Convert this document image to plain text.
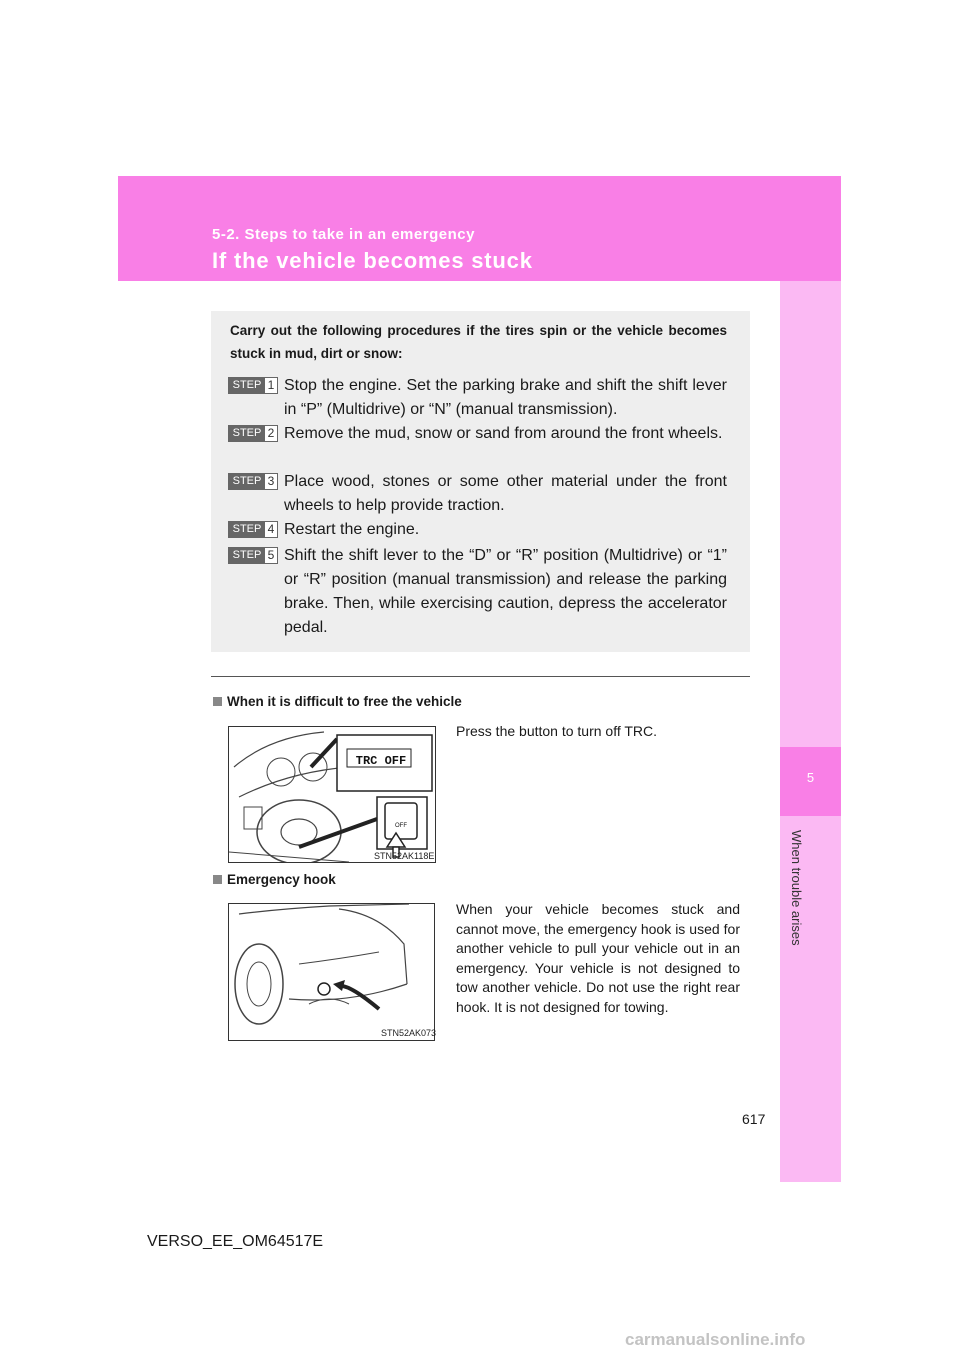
5-2. Steps to take in an emergency
If the vehicle becomes stuck
5
When trouble arises
Carry out the following procedures if the tires spin or the vehicle becomes stuck in mud, dirt or snow:
STEP 1 Stop the engine. Set the parking brake and shift the shift lever in “P” (Multidrive) or “N” (manual transmission).
STEP 2 Remove the mud, snow or sand from around the front wheels.
STEP 3 Place wood, stones or some other material under the front wheels to help provide traction.
STEP 4 Restart the engine.
STEP 5 Shift the shift lever to the “D” or “R” position (Multidrive) or “1” or “R” position (manual transmission) and release the parking brake. Then, while exercising caution, depress the accelerator pedal.
When it is difficult to free the vehicle
Press the button to turn off TRC.
TRC OFF
OFF
STN52AK118E
Emergency hook
When your vehicle becomes stuck and cannot move, the emergency hook is used for another vehicle to pull your vehicle out in an emergency. Your vehicle is not designed to tow another vehicle. Do not use the right rear hook. It is not designed for towing.
STN52AK073
617
VERSO_EE_OM64517E
carmanualsonline.info
